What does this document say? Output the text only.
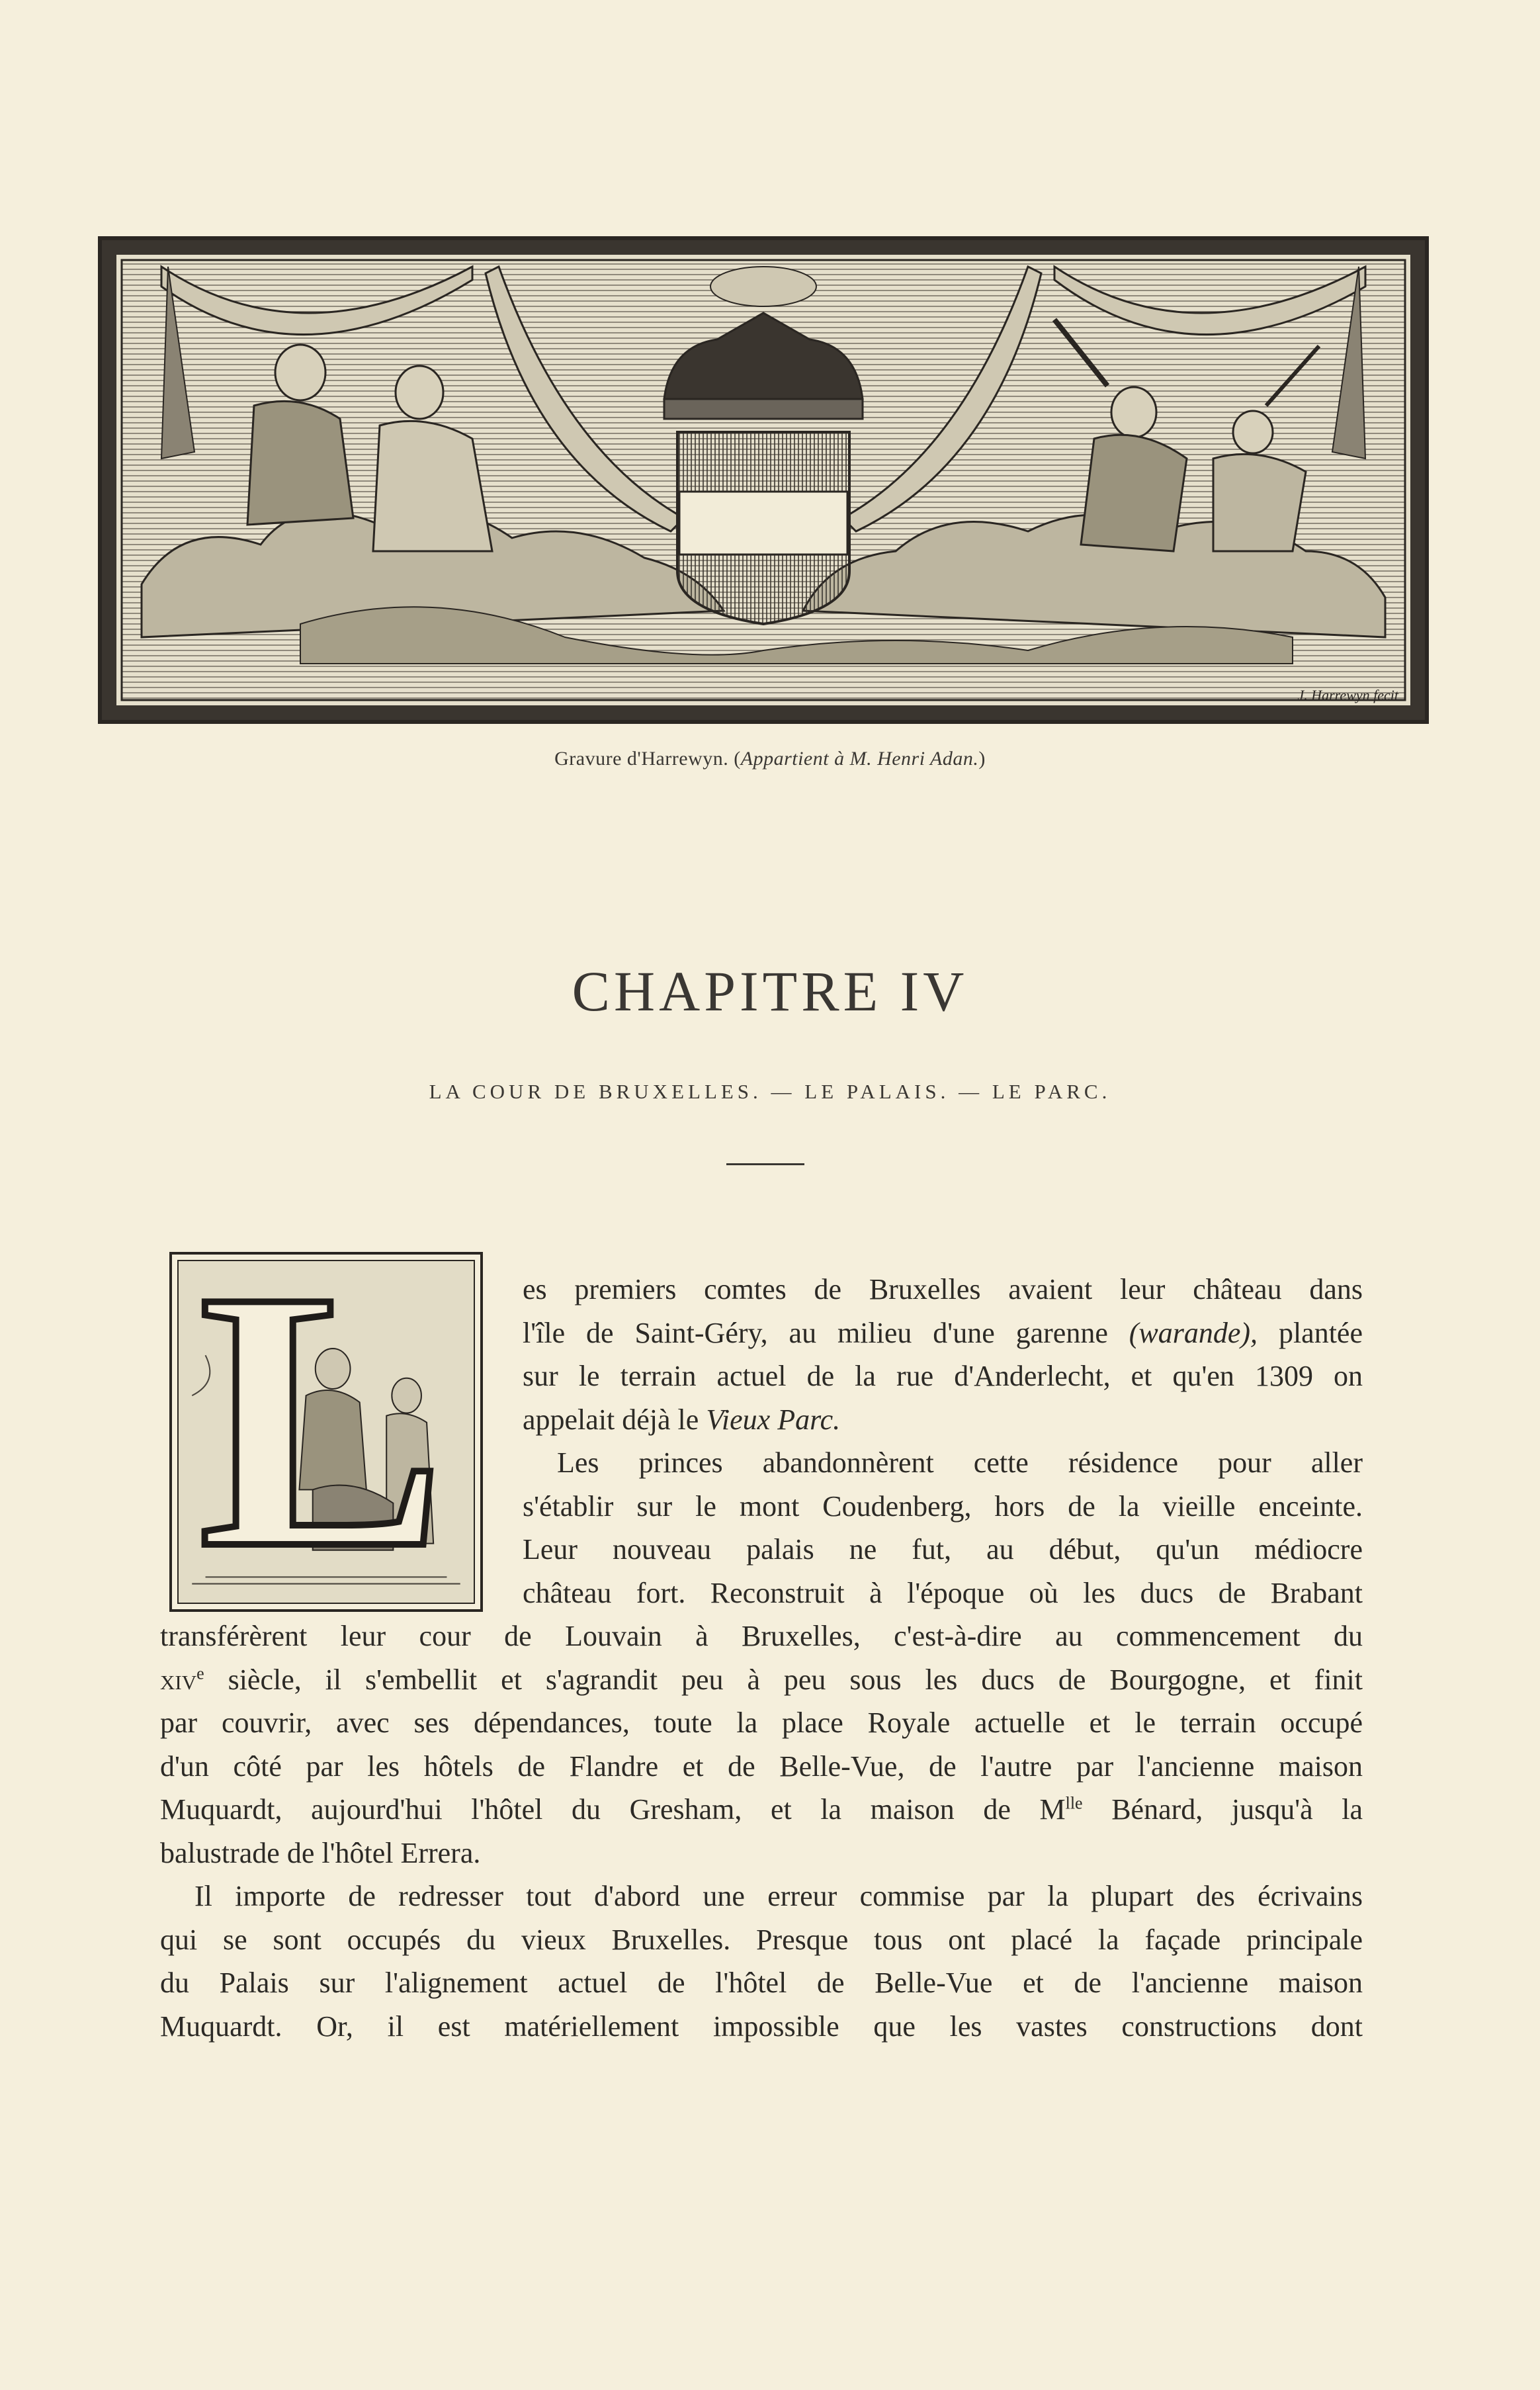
J. Harrewyn fecit
Gravure d'Harrewyn. (Appartient à M. Henri Adan.)
CHAPITRE IV
LA COUR DE BRUXELLES. — LE PALAIS. — LE PARC.
L	es premiers comtes de Bruxelles avaient leur château dans
l'île de Saint-Géry, au milieu d'une garenne (warande), plantée
sur le terrain actuel de la rue d'Anderlecht, et qu'en 1309 on
appelait déjà le Vieux Parc.
Les princes abandonnèrent cette résidence pour aller
s'établir sur le mont Coudenberg, hors de la vieille enceinte.
Leur nouveau palais ne fut, au début, qu'un médiocre
château fort. Reconstruit à l'époque où les ducs de Brabant
transférèrent leur cour de Louvain à Bruxelles, c'est-à-dire au commencement du
xiv$^e$ siècle, il s'embellit et s'agrandit peu à peu sous les ducs de Bourgogne, et finit
par couvrir, avec ses dépendances, toute la place Royale actuelle et le terrain occupé
d'un côté par les hôtels de Flandre et de Belle-Vue, de l'autre par l'ancienne maison
Muquardt, aujourd'hui l'hôtel du Gresham, et la maison de $M^{lle}$ Bénard, jusqu'à la
balustrade de l'hôtel Errera.
Il importe de redresser tout d'abord une erreur commise par la plupart des écrivains
qui se sont occupés du vieux Bruxelles. Presque tous ont placé la façade principale
du Palais sur l'alignement actuel de l'hôtel de Belle-Vue et de l'ancienne maison
Muquardt. Or, il est matériellement impossible que les vastes constructions dont
